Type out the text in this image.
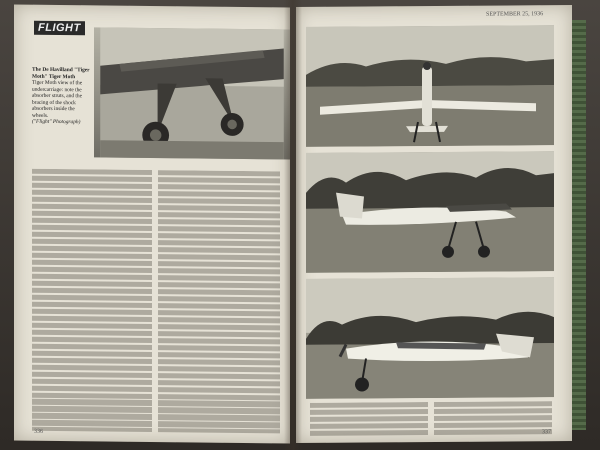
FLIGHT
The De Havilland "Tiger Moth" Tiger Moth
Tiger Moth view of the undercarriage: note the absorber struts, and the bracing of the shock absorbers inside the wheels.
("Flight" Photograph)
336
SEPTEMBER 25, 1936
337
